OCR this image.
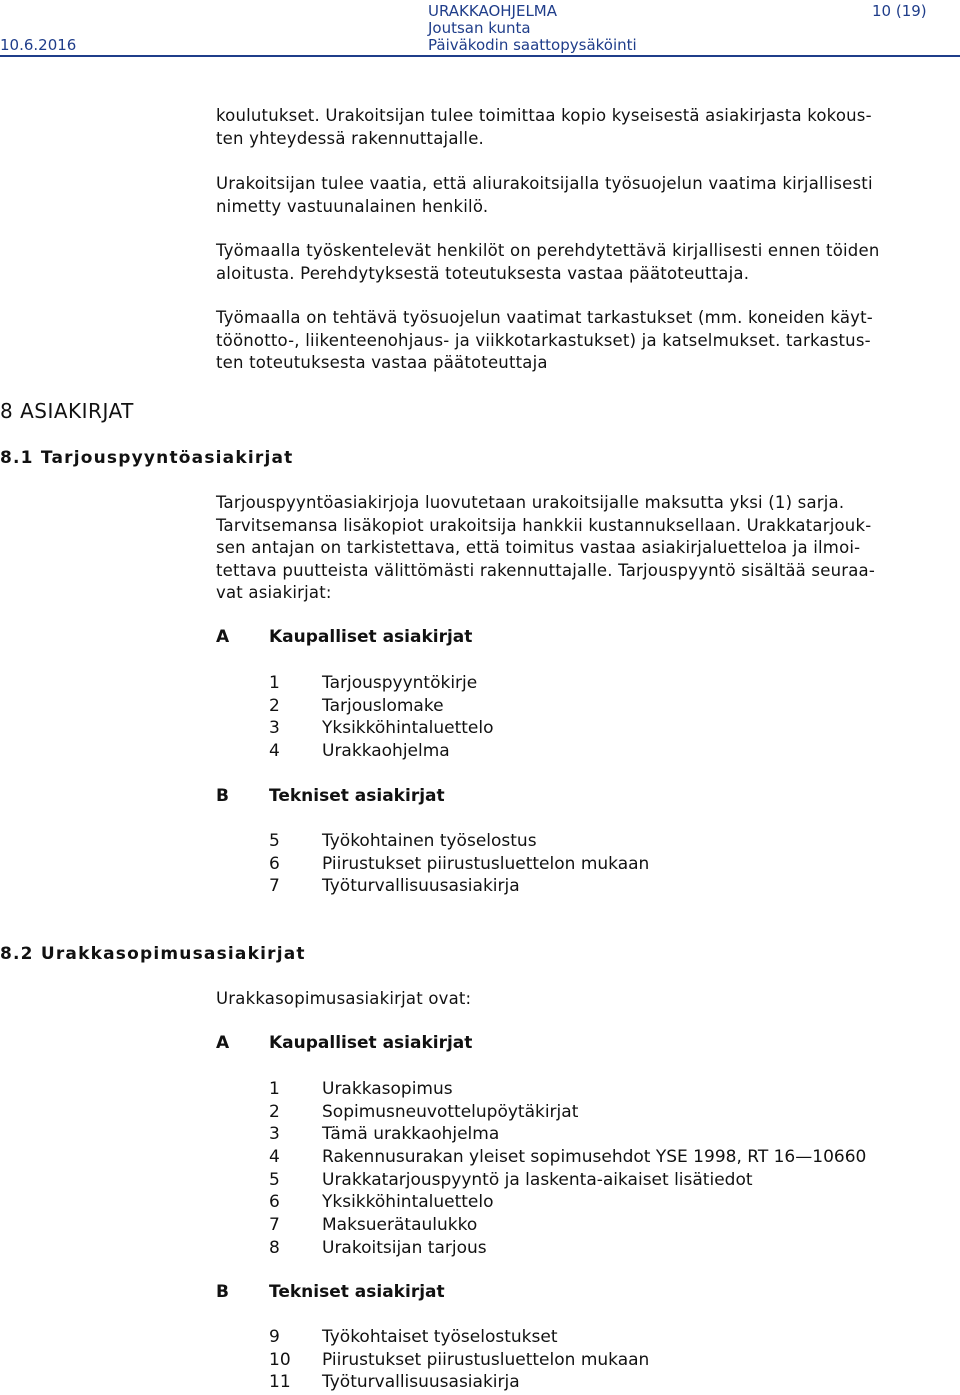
10.6.2016
URAKKAOHJELMA	10 (19)
Joutsan kunta
Päiväkodin saattopysäköinti
koulutukset. Urakoitsijan tulee toimittaa kopio kyseisestä asiakirjasta kokous-
ten yhteydessä rakennuttajalle.
Urakoitsijan tulee vaatia, että aliurakoitsijalla työsuojelun vaatima kirjallisesti
nimetty vastuunalainen henkilö.
Työmaalla työskentelevät henkilöt on perehdytettävä kirjallisesti ennen töiden
aloitusta. Perehdytyksestä toteutuksesta vastaa päätoteuttaja.
Työmaalla on tehtävä työsuojelun vaatimat tarkastukset (mm. koneiden käyt-
töönotto-, liikenteenohjaus- ja viikkotarkastukset) ja katselmukset. tarkastus-
ten toteutuksesta vastaa päätoteuttaja
8 ASIAKIRJAT
8.1 Tarjouspyyntöasiakirjat
Tarjouspyyntöasiakirjoja luovutetaan urakoitsijalle maksutta yksi (1) sarja.
Tarvitsemansa lisäkopiot urakoitsija hankkii kustannuksellaan. Urakkatarjouk-
sen antajan on tarkistettava, että toimitus vastaa asiakirjaluetteloa ja ilmoi-
tettava puutteista välittömästi rakennuttajalle. Tarjouspyyntö sisältää seuraa-
vat asiakirjat:
A Kaupalliset asiakirjat
1 Tarjouspyyntökirje
2 Tarjouslomake
3 Yksikköhintaluettelo
4 Urakkaohjelma
B Tekniset asiakirjat
5 Työkohtainen työselostus
6 Piirustukset piirustusluettelon mukaan
7 Työturvallisuusasiakirja
8.2 Urakkasopimusasiakirjat
Urakkasopimusasiakirjat ovat:
A Kaupalliset asiakirjat
1 Urakkasopimus
2 Sopimusneuvottelupöytäkirjat
3 Tämä urakkaohjelma
4 Rakennusurakan yleiset sopimusehdot YSE 1998, RT 16—10660
5 Urakkatarjouspyyntö ja laskenta-aikaiset lisätiedot
6 Yksikköhintaluettelo
7 Maksuerätaulukko
8 Urakoitsijan tarjous
B Tekniset asiakirjat
9 Työkohtaiset työselostukset
10 Piirustukset piirustusluettelon mukaan
11 Työturvallisuusasiakirja
